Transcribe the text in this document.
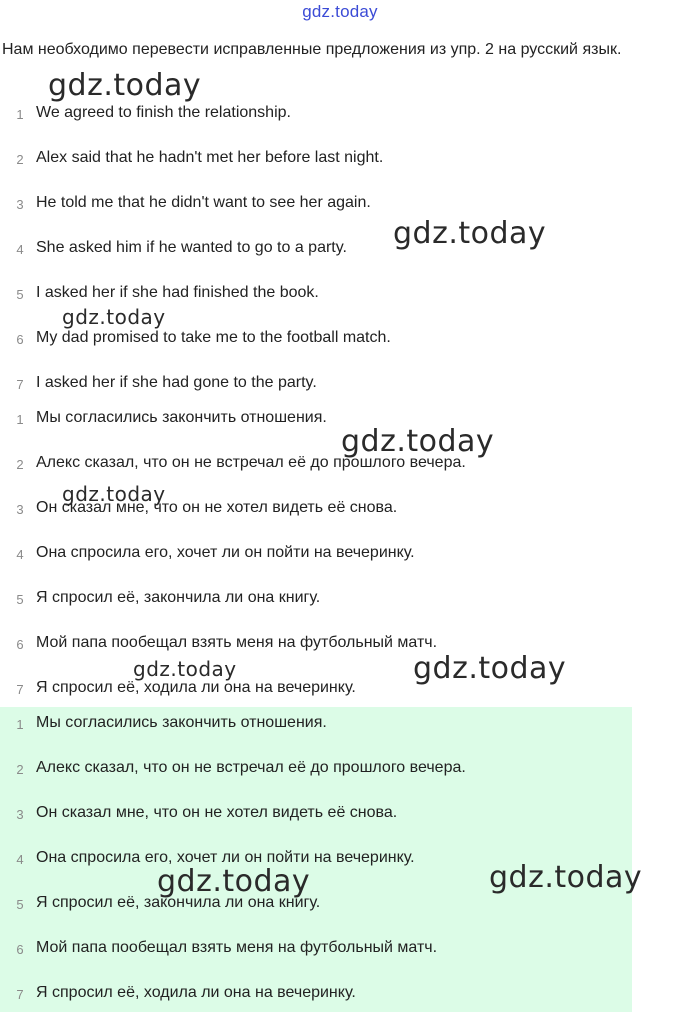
gdz.today
Нам необходимо перевести исправленные предложения из упр. 2 на русский язык.
1 We agreed to finish the relationship.
2 Alex said that he hadn't met her before last night.
3 He told me that he didn't want to see her again.
4 She asked him if he wanted to go to a party.
5 I asked her if she had finished the book.
6 My dad promised to take me to the football match.
7 I asked her if she had gone to the party.
1 Мы согласились закончить отношения.
2 Алекс сказал, что он не встречал её до прошлого вечера.
3 Он сказал мне, что он не хотел видеть её снова.
4 Она спросила его, хочет ли он пойти на вечеринку.
5 Я спросил её, закончила ли она книгу.
6 Мой папа пообещал взять меня на футбольный матч.
7 Я спросил её, ходила ли она на вечеринку.
1 Мы согласились закончить отношения.
2 Алекс сказал, что он не встречал её до прошлого вечера.
3 Он сказал мне, что он не хотел видеть её снова.
4 Она спросила его, хочет ли он пойти на вечеринку.
5 Я спросил её, закончила ли она книгу.
6 Мой папа пообещал взять меня на футбольный матч.
7 Я спросил её, ходила ли она на вечеринку.
gdz.today
gdz.today
gdz.today
gdz.today
gdz.today
gdz.today	gdz.today
gdz.today	gdz.today
